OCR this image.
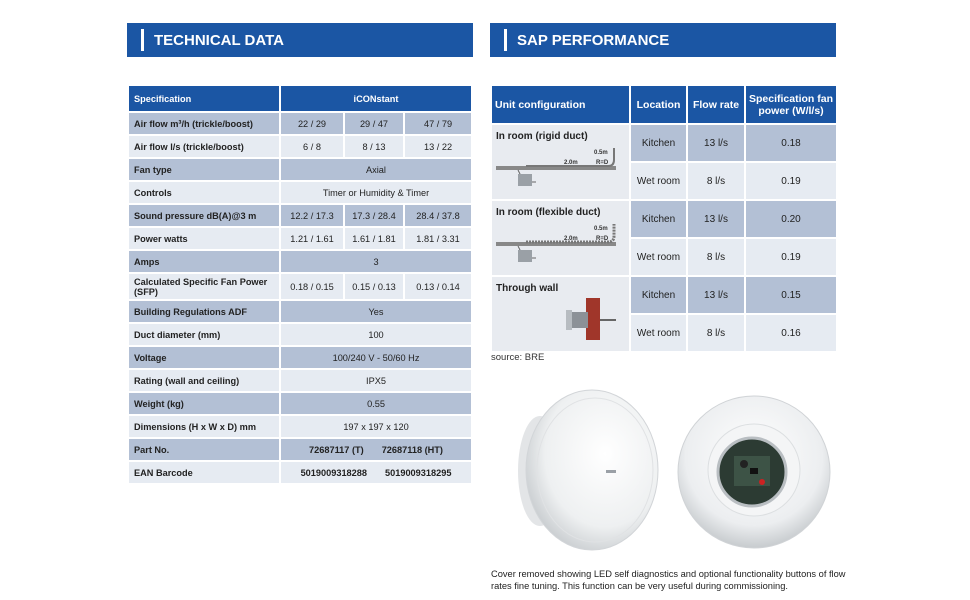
TECHNICAL DATA	SAP PERFORMANCE
Specification	iCONstant		
Air flow m³/h (trickle/boost)	22 / 29	29 / 47	47 / 79
Air flow l/s (trickle/boost)	6 / 8	8 / 13	13 / 22
Fan type	Axial		
Controls	Timer or Humidity & Timer		
Sound pressure dB(A)@3 m	12.2 / 17.3	17.3 / 28.4	28.4 / 37.8
Power watts	1.21 / 1.61	1.61 / 1.81	1.81 / 3.31
Amps	3		
Calculated Specific Fan Power (SFP)	0.18 / 0.15	0.15 / 0.13	0.13 / 0.14
Building Regulations ADF	Yes		
Duct diameter (mm)	100		
Voltage	100/240 V - 50/60 Hz		
Rating (wall and ceiling)	IPX5		
Weight (kg)	0.55		
Dimensions (H x W x D) mm	197 x 197 x 120		
Part No.	72687117 (T) 72687118 (HT)		
EAN Barcode	5019009318288 5019009318295		
Unit configuration	Location	Flow rate	Specification fan power (W/l/s)

In room (rigid duct)
0.5m
2.0m R=D	Kitchen	13 l/s	0.18
	Wet room	8 l/s	0.19

In room (flexible duct)
0.5m
2.0m R=D	Kitchen	13 l/s	0.20
	Wet room	8 l/s	0.19

Through wall	Kitchen	13 l/s	0.15
	Wet room	8 l/s	0.16
source: BRE
Cover removed showing LED self diagnostics and optional functionality buttons of flow rates fine tuning. This function can be very useful during commissioning.
